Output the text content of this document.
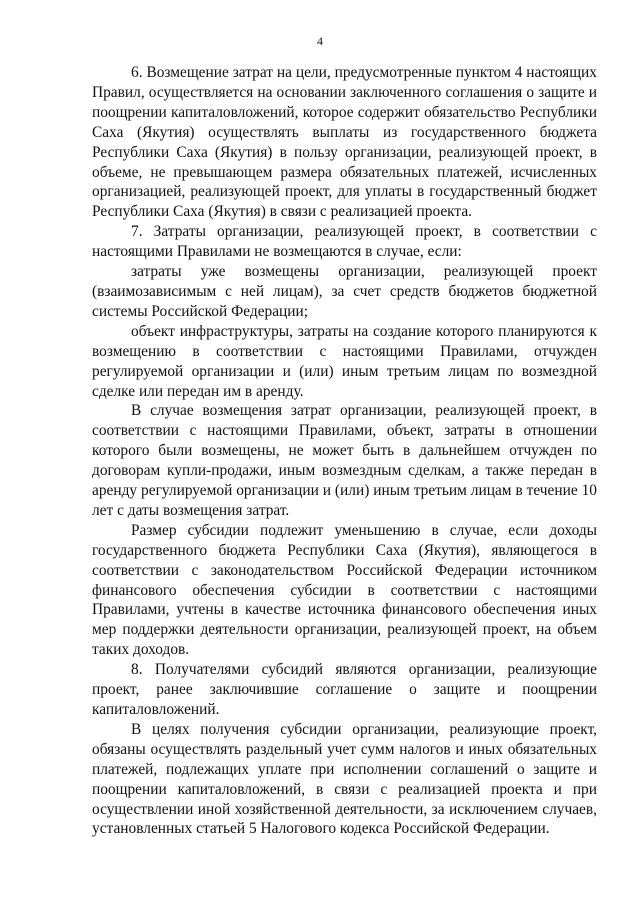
4

6. Возмещение затрат на цели, предусмотренные пунктом 4 настоящих Правил, осуществляется на основании заключенного соглашения о защите и поощрении капиталовложений, которое содержит обязательство Республики Саха (Якутия) осуществлять выплаты из государственного бюджета Республики Саха (Якутия) в пользу организации, реализующей проект, в объеме, не превышающем размера обязательных платежей, исчисленных организацией, реализующей проект, для уплаты в государственный бюджет Республики Саха (Якутия) в связи с реализацией проекта.

7. Затраты организации, реализующей проект, в соответствии с настоящими Правилами не возмещаются в случае, если:

затраты уже возмещены организации, реализующей проект (взаимозависимым с ней лицам), за счет средств бюджетов бюджетной системы Российской Федерации;

объект инфраструктуры, затраты на создание которого планируются к возмещению в соответствии с настоящими Правилами, отчужден регулируемой организации и (или) иным третьим лицам по возмездной сделке или передан им в аренду.

В случае возмещения затрат организации, реализующей проект, в соответствии с настоящими Правилами, объект, затраты в отношении которого были возмещены, не может быть в дальнейшем отчужден по договорам купли-продажи, иным возмездным сделкам, а также передан в аренду регулируемой организации и (или) иным третьим лицам в течение 10 лет с даты возмещения затрат.

Размер субсидии подлежит уменьшению в случае, если доходы государственного бюджета Республики Саха (Якутия), являющегося в соответствии с законодательством Российской Федерации источником финансового обеспечения субсидии в соответствии с настоящими Правилами, учтены в качестве источника финансового обеспечения иных мер поддержки деятельности организации, реализующей проект, на объем таких доходов.

8. Получателями субсидий являются организации, реализующие проект, ранее заключившие соглашение о защите и поощрении капиталовложений.

В целях получения субсидии организации, реализующие проект, обязаны осуществлять раздельный учет сумм налогов и иных обязательных платежей, подлежащих уплате при исполнении соглашений о защите и поощрении капиталовложений, в связи с реализацией проекта и при осуществлении иной хозяйственной деятельности, за исключением случаев, установленных статьей 5 Налогового кодекса Российской Федерации.
